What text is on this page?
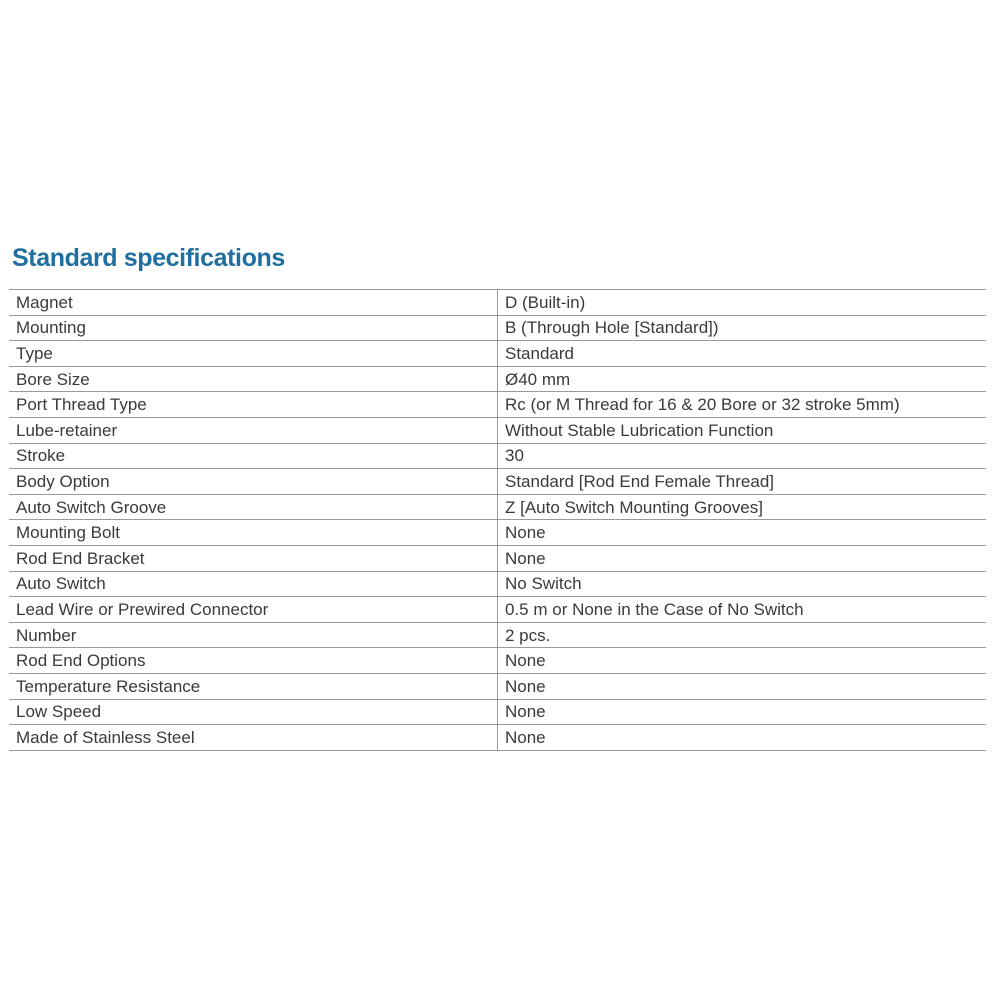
Standard specifications
Magnet	D (Built-in)
Mounting	B (Through Hole [Standard])
Type	Standard
Bore Size	Ø40 mm
Port Thread Type	Rc (or M Thread for 16 & 20 Bore or 32 stroke 5mm)
Lube-retainer	Without Stable Lubrication Function
Stroke	30
Body Option	Standard [Rod End Female Thread]
Auto Switch Groove	Z [Auto Switch Mounting Grooves]
Mounting Bolt	None
Rod End Bracket	None
Auto Switch	No Switch
Lead Wire or Prewired Connector	0.5 m or None in the Case of No Switch
Number	2 pcs.
Rod End Options	None
Temperature Resistance	None
Low Speed	None
Made of Stainless Steel	None
